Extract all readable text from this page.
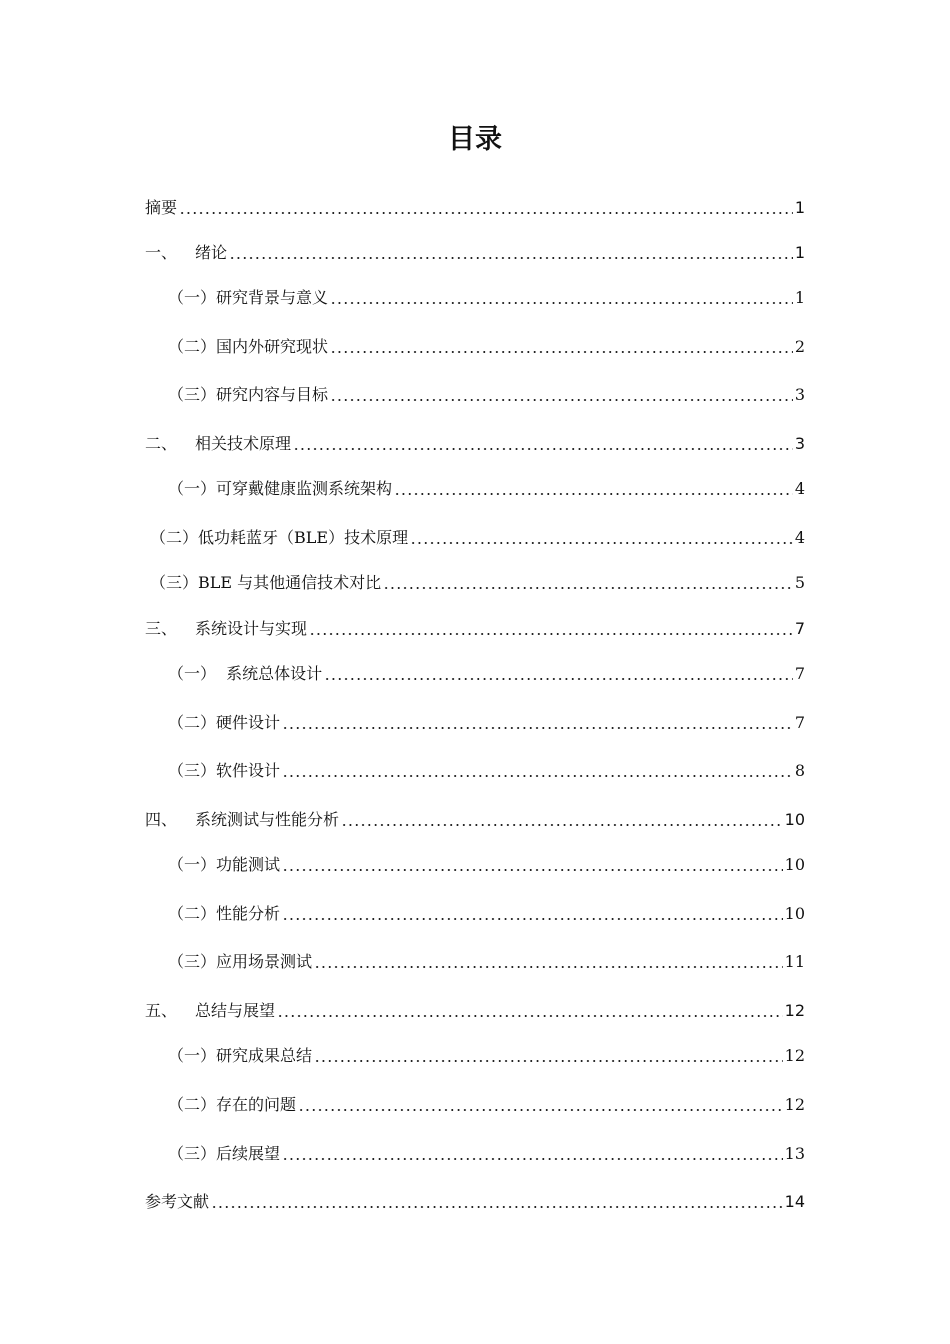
目录
摘要	1
一、 绪论	1
（一）研究背景与意义	1
（二）国内外研究现状	2
（三）研究内容与目标	3
二、 相关技术原理	3
（一）可穿戴健康监测系统架构	4
（二）低功耗蓝牙（BLE）技术原理	4
（三）BLE 与其他通信技术对比	5
三、 系统设计与实现	7
（一）  系统总体设计	7
（二）硬件设计	7
（三）软件设计	8
四、 系统测试与性能分析	10
（一）功能测试	10
（二）性能分析	10
（三）应用场景测试	11
五、 总结与展望	12
（一）研究成果总结	12
（二）存在的问题	12
（三）后续展望	13
参考文献	14
